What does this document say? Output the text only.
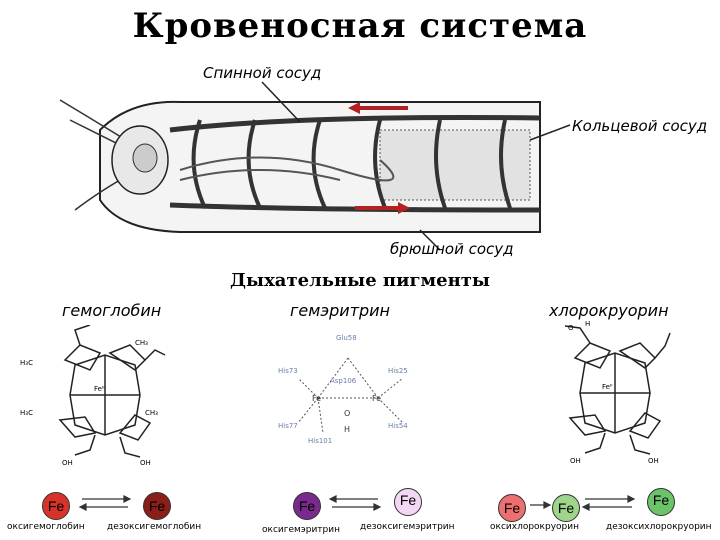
Кровеносная система
Спинной сосуд
Кольцевой сосуд
брюшной сосуд
Дыхательные пигменты
гемоглобин	гемэритрин	хлорокруорин
Feᴵᴵ
H₃C
CH₃
H₃C	CH₃
OH	OH
Glu58
His73	His25
Asp106
His77	His54
His101
Fe	Fe
O
H
Feᴵᴵ
O H
OH	OH
Fe	Fe	Fe	Fe	Fe	Fe	Fe
оксигемоглобин дезоксигемоглобин	оксигемэритрин дезоксигемэритрин	оксихлорокруорин	дезоксихлорокруорин
